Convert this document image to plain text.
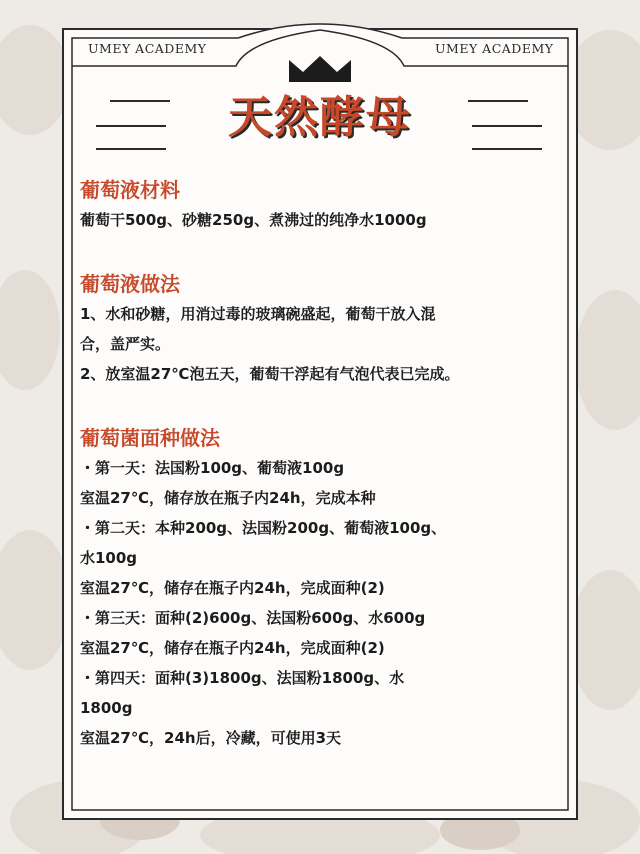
UMEY ACADEMY	UMEY ACADEMY
天然酵母
葡萄液材料
葡萄干500g、砂糖250g、煮沸过的纯净水1000g
葡萄液做法
1、水和砂糖，用消过毒的玻璃碗盛起，葡萄干放入混
合，盖严实。
2、放室温27℃泡五天，葡萄干浮起有气泡代表已完成。
葡萄菌面种做法
・第一天：法国粉100g、葡萄液100g
室温27℃，储存放在瓶子内24h，完成本种
・第二天：本种200g、法国粉200g、葡萄液100g、
水100g
室温27℃，储存在瓶子内24h，完成面种(2)
・第三天：面种(2)600g、法国粉600g、水600g
室温27℃，储存在瓶子内24h，完成面种(2)
・第四天：面种(3)1800g、法国粉1800g、水
1800g
室温27℃，24h后，冷藏，可使用3天
